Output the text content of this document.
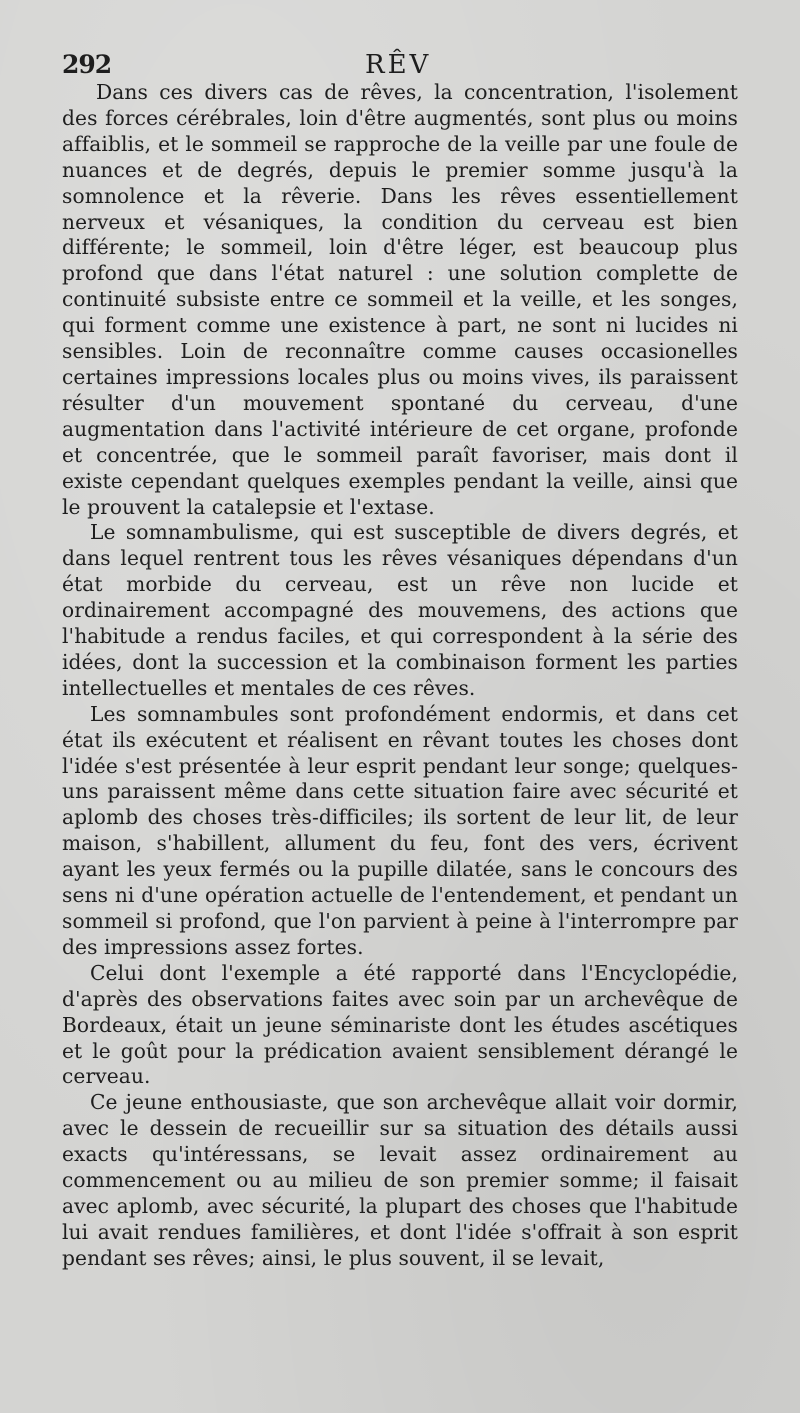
292	RÊV

Dans ces divers cas de rêves, la concentration, l'isolement des forces cérébrales, loin d'être augmentés, sont plus ou moins affaiblis, et le sommeil se rapproche de la veille par une foule de nuances et de degrés, depuis le premier somme jusqu'à la somnolence et la rêverie. Dans les rêves essentiellement nerveux et vésaniques, la condition du cerveau est bien différente; le sommeil, loin d'être léger, est beaucoup plus profond que dans l'état naturel : une solution complette de continuité subsiste entre ce sommeil et la veille, et les songes, qui forment comme une existence à part, ne sont ni lucides ni sensibles. Loin de reconnaître comme causes occasionelles certaines impressions locales plus ou moins vives, ils paraissent résulter d'un mouvement spontané du cerveau, d'une augmentation dans l'activité intérieure de cet organe, profonde et concentrée, que le sommeil paraît favoriser, mais dont il existe cependant quelques exemples pendant la veille, ainsi que le prouvent la catalepsie et l'extase.

Le somnambulisme, qui est susceptible de divers degrés, et dans lequel rentrent tous les rêves vésaniques dépendans d'un état morbide du cerveau, est un rêve non lucide et ordinairement accompagné des mouvemens, des actions que l'habitude a rendus faciles, et qui correspondent à la série des idées, dont la succession et la combinaison forment les parties intellectuelles et mentales de ces rêves.

Les somnambules sont profondément endormis, et dans cet état ils exécutent et réalisent en rêvant toutes les choses dont l'idée s'est présentée à leur esprit pendant leur songe; quelques-uns paraissent même dans cette situation faire avec sécurité et aplomb des choses très-difficiles; ils sortent de leur lit, de leur maison, s'habillent, allument du feu, font des vers, écrivent ayant les yeux fermés ou la pupille dilatée, sans le concours des sens ni d'une opération actuelle de l'entendement, et pendant un sommeil si profond, que l'on parvient à peine à l'interrompre par des impressions assez fortes.

Celui dont l'exemple a été rapporté dans l'Encyclopédie, d'après des observations faites avec soin par un archevêque de Bordeaux, était un jeune séminariste dont les études ascétiques et le goût pour la prédication avaient sensiblement dérangé le cerveau.

Ce jeune enthousiaste, que son archevêque allait voir dormir, avec le dessein de recueillir sur sa situation des détails aussi exacts qu'intéressans, se levait assez ordinairement au commencement ou au milieu de son premier somme; il faisait avec aplomb, avec sécurité, la plupart des choses que l'habitude lui avait rendues familières, et dont l'idée s'offrait à son esprit pendant ses rêves; ainsi, le plus souvent, il se levait,
